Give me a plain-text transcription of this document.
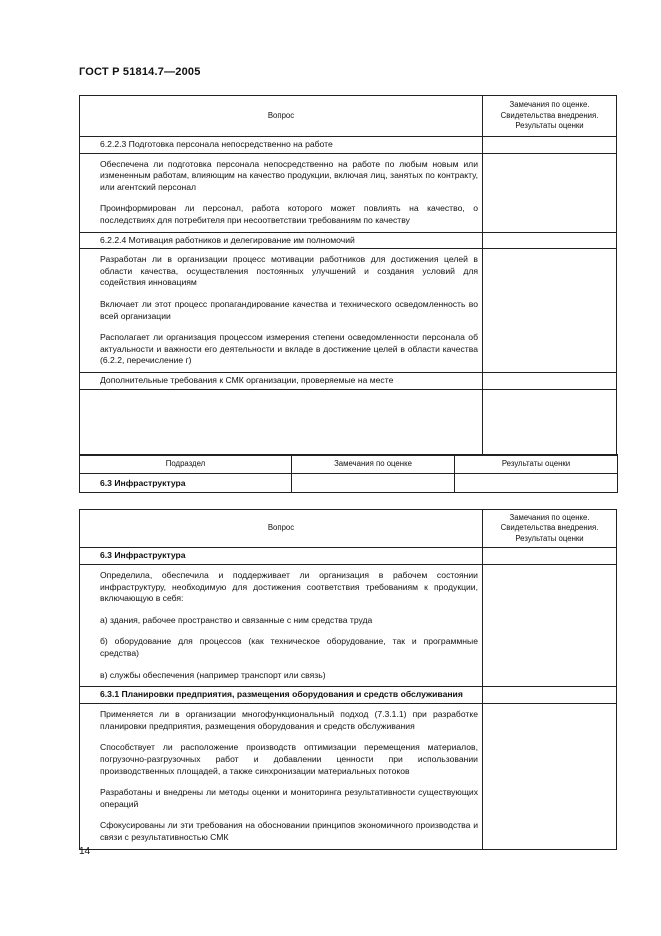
ГОСТ Р 51814.7—2005
Вопрос	Замечания по оценке. Свидетельства внедрения. Результаты оценки
6.2.2.3 Подготовка персонала непосредственно на работе	

Обеспечена ли подготовка персонала непосредственно на работе по любым новым или измененным работам, влияющим на качество продукции, включая лиц, занятых по контракту, или агентский персонал
Проинформирован ли персонал, работа которого может повлиять на качество, о последствиях для потребителя при несоответствии требованиям по качеству	

6.2.2.4 Мотивация работников и делегирование им полномочий	

Разработан ли в организации процесс мотивации работников для достижения целей в области качества, осуществления постоянных улучшений и создания условий для содействия инновациям
Включает ли этот процесс пропагандирование качества и технического осведомленность во всей организации
Располагает ли организация процессом измерения степени осведомленности персонала об актуальности и важности его деятельности и вкладе в достижение целей в области качества (6.2.2, перечисление г)	

Дополнительные требования к СМК организации, проверяемые на месте	

Подраздел	Замечания по оценке	Результаты оценки
6.3 Инфраструктура		
Вопрос	Замечания по оценке. Свидетельства внедрения. Результаты оценки
6.3 Инфраструктура	

Определила, обеспечила и поддерживает ли организация в рабочем состоянии инфраструктуру, необходимую для достижения соответствия требованиям к продукции, включающую в себя:
а) здания, рабочее пространство и связанные с ним средства труда
б) оборудование для процессов (как техническое оборудование, так и программные средства)
в) службы обеспечения (например транспорт или связь)	

6.3.1 Планировки предприятия, размещения оборудования и средств обслуживания	

Применяется ли в организации многофункциональный подход (7.3.1.1) при разработке планировки предприятия, размещения оборудования и средств обслуживания
Способствует ли расположение производств оптимизации перемещения материалов, погрузочно-разгрузочных работ и добавлении ценности при использовании производственных площадей, а также синхронизации материальных потоков
Разработаны и внедрены ли методы оценки и мониторинга результативности существующих операций
Сфокусированы ли эти требования на обосновании принципов экономичного производства и связи с результативностью СМК	

14
